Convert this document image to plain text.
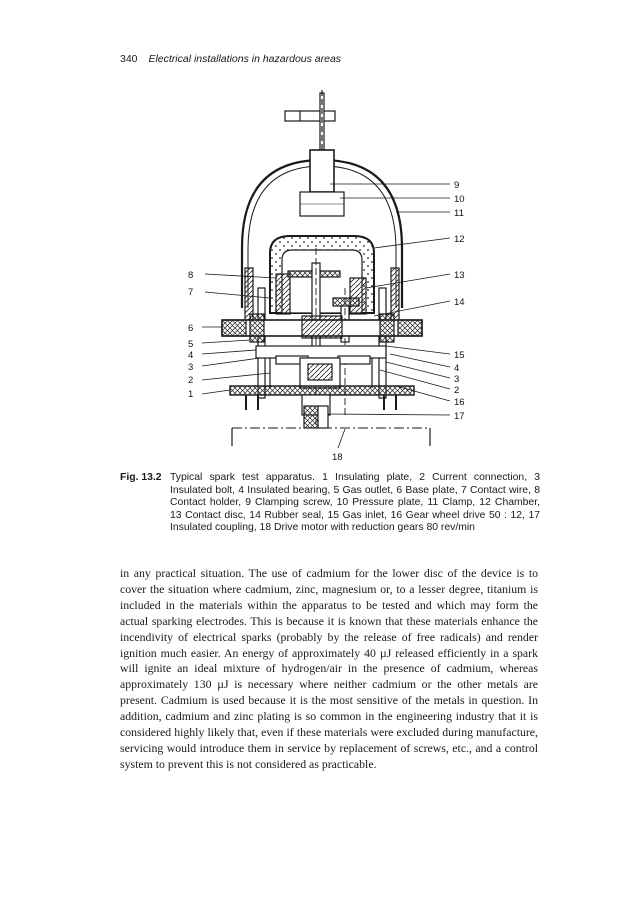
340 Electrical installations in hazardous areas
8
7
6
5
4
3
2
1
9
10
11
12
13
14
15
4
3
2
16
17
18
Fig. 13.2 Typical spark test apparatus. 1 Insulating plate, 2 Current connection, 3 Insulated bolt, 4 Insulated bearing, 5 Gas outlet, 6 Base plate, 7 Contact wire, 8 Contact holder, 9 Clamping screw, 10 Pressure plate, 11 Clamp, 12 Chamber, 13 Contact disc, 14 Rubber seal, 15 Gas inlet, 16 Gear wheel drive 50 : 12, 17 Insulated coupling, 18 Drive motor with reduction gears 80 rev/min
in any practical situation. The use of cadmium for the lower disc of the device is to cover the situation where cadmium, zinc, magnesium or, to a lesser degree, titanium is included in the materials within the apparatus to be tested and which may form the actual sparking electrodes. This is because it is known that these materials enhance the incendivity of electrical sparks (probably by the release of free radicals) and render ignition much easier. An energy of approximately 40 µJ released efficiently in a spark will ignite an ideal mixture of hydrogen/air in the presence of cadmium, whereas approximately 130 µJ is necessary where neither cadmium or the other metals are present. Cadmium is used because it is the most sensitive of the metals in question. In addition, cadmium and zinc plating is so common in the engineering industry that it is considered highly likely that, even if these materials were excluded during manufacture, servicing would introduce them in service by replacement of screws, etc., and a control system to prevent this is not considered as practicable.
